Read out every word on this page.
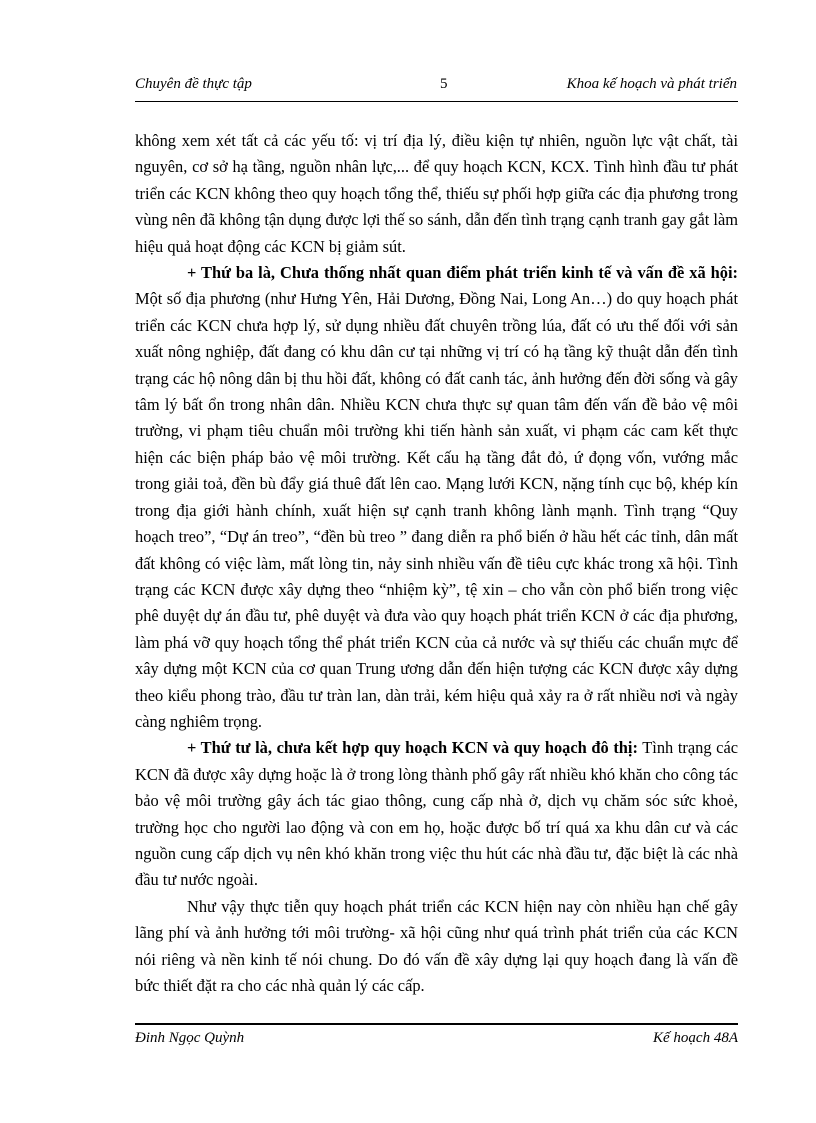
Chuyên đề thực tập	5	Khoa kế hoạch và phát triển

không xem xét tất cả các yếu tố: vị trí địa lý, điều kiện tự nhiên, nguồn lực vật chất, tài nguyên, cơ sở hạ tầng, nguồn nhân lực,... để quy hoạch KCN, KCX. Tình hình đầu tư phát triển các KCN không theo quy hoạch tổng thể, thiếu sự phối hợp giữa các địa phương trong vùng nên đã không tận dụng được lợi thế so sánh, dẫn đến tình trạng cạnh tranh gay gắt làm hiệu quả hoạt động các KCN bị giảm sút.

+ Thứ ba là, Chưa thống nhất quan điểm phát triển kinh tế và vấn đề xã hội: Một số địa phương (như Hưng Yên, Hải Dương, Đồng Nai, Long An…) do quy hoạch phát triển các KCN chưa hợp lý, sử dụng nhiều đất chuyên trồng lúa, đất có ưu thế đối với sản xuất nông nghiệp, đất đang có khu dân cư tại những vị trí có hạ tầng kỹ thuật dẫn đến tình trạng các hộ nông dân bị thu hồi đất, không có đất canh tác, ảnh hưởng đến đời sống và gây tâm lý bất ổn trong nhân dân. Nhiều KCN chưa thực sự quan tâm đến vấn đề bảo vệ môi trường, vi phạm tiêu chuẩn môi trường khi tiến hành sản xuất, vi phạm các cam kết thực hiện các biện pháp bảo vệ môi trường. Kết cấu hạ tầng đắt đỏ, ứ đọng vốn, vướng mắc trong giải toả, đền bù đẩy giá thuê đất lên cao. Mạng lưới KCN, nặng tính cục bộ, khép kín trong địa giới hành chính, xuất hiện sự cạnh tranh không lành mạnh. Tình trạng “Quy hoạch treo”, “Dự án treo”, “đền bù treo ” đang diễn ra phổ biến ở hầu hết các tỉnh, dân mất đất không có việc làm, mất lòng tin, nảy sinh nhiều vấn đề tiêu cực khác trong xã hội. Tình trạng các KCN được xây dựng theo “nhiệm kỳ”, tệ xin – cho vẫn còn phổ biến trong việc phê duyệt dự án đầu tư, phê duyệt và đưa vào quy hoạch phát triển KCN ở các địa phương, làm phá vỡ quy hoạch tổng thể phát triển KCN của cả nước và sự thiếu các chuẩn mực để xây dựng một KCN của cơ quan Trung ương dẫn đến hiện tượng các KCN được xây dựng theo kiểu phong trào, đầu tư tràn lan, dàn trải, kém hiệu quả xảy ra ở rất nhiều nơi và ngày càng nghiêm trọng.

+ Thứ tư là, chưa kết hợp quy hoạch KCN và quy hoạch đô thị: Tình trạng các KCN đã được xây dựng hoặc là ở trong lòng thành phố gây rất nhiều khó khăn cho công tác bảo vệ môi trường gây ách tác giao thông, cung cấp nhà ở, dịch vụ chăm sóc sức khoẻ, trường học cho người lao động và con em họ, hoặc được bố trí quá xa khu dân cư và các nguồn cung cấp dịch vụ nên khó khăn trong việc thu hút các nhà đầu tư, đặc biệt là các nhà đầu tư nước ngoài.

Như vậy thực tiễn quy hoạch phát triển các KCN hiện nay còn nhiều hạn chế gây lãng phí và ảnh hưởng tới môi trường- xã hội cũng như quá trình phát triển của các KCN nói riêng và nền kinh tế nói chung. Do đó vấn đề xây dựng lại quy hoạch đang là vấn đề bức thiết đặt ra cho các nhà quản lý các cấp.

Đinh Ngọc Quỳnh	Kế hoạch 48A
